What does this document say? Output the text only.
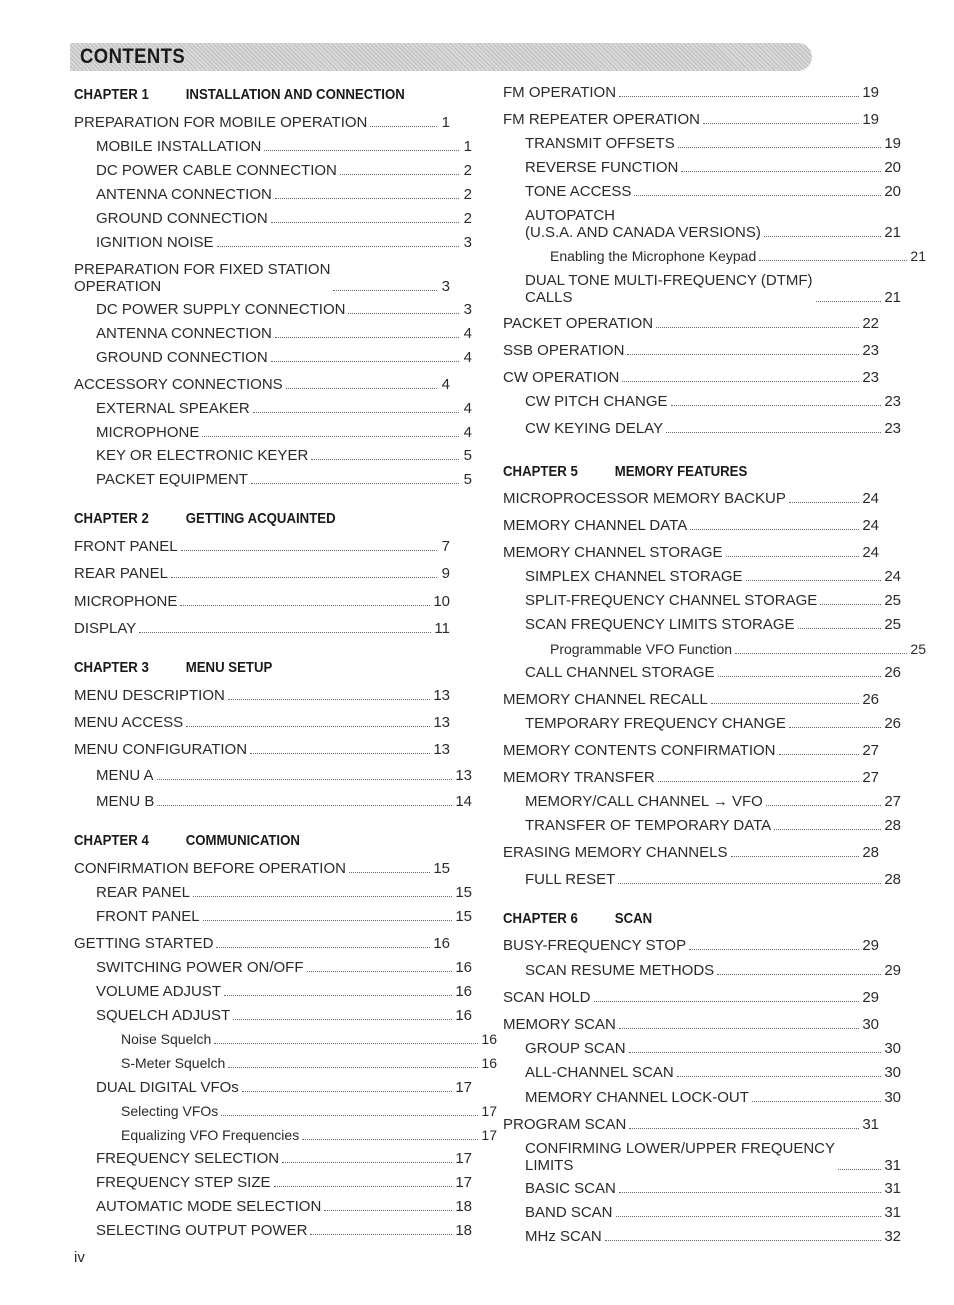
CONTENTS
CHAPTER 1	INSTALLATION AND CONNECTION
PREPARATION FOR MOBILE OPERATION	1
MOBILE INSTALLATION	1
DC POWER CABLE CONNECTION	2
ANTENNA CONNECTION	2
GROUND CONNECTION	2
IGNITION NOISE	3
PREPARATION FOR FIXED STATION
OPERATION	3
DC POWER SUPPLY CONNECTION	3
ANTENNA CONNECTION	4
GROUND CONNECTION	4
ACCESSORY CONNECTIONS	4
EXTERNAL SPEAKER	4
MICROPHONE	4
KEY OR ELECTRONIC KEYER	5
PACKET EQUIPMENT	5
CHAPTER 2	GETTING ACQUAINTED
FRONT PANEL	7
REAR PANEL	9
MICROPHONE	10
DISPLAY	11
CHAPTER 3	MENU SETUP
MENU DESCRIPTION	13
MENU ACCESS	13
MENU CONFIGURATION	13
MENU A	13
MENU B	14
CHAPTER 4	COMMUNICATION
CONFIRMATION BEFORE OPERATION	15
REAR PANEL	15
FRONT PANEL	15
GETTING STARTED	16
SWITCHING POWER ON/OFF	16
VOLUME ADJUST	16
SQUELCH ADJUST	16
Noise Squelch	16
S-Meter Squelch	16
DUAL DIGITAL VFOs	17
Selecting VFOs	17
Equalizing VFO Frequencies	17
FREQUENCY SELECTION	17
FREQUENCY STEP SIZE	17
AUTOMATIC MODE SELECTION	18
SELECTING OUTPUT POWER	18
FM OPERATION	19
FM REPEATER OPERATION	19
TRANSMIT OFFSETS	19
REVERSE FUNCTION	20
TONE ACCESS	20
AUTOPATCH
(U.S.A. AND CANADA VERSIONS)	21
Enabling the Microphone Keypad	21
DUAL TONE MULTI-FREQUENCY (DTMF)
CALLS	21
PACKET OPERATION	22
SSB OPERATION	23
CW OPERATION	23
CW PITCH CHANGE	23
CW KEYING DELAY	23
CHAPTER 5	MEMORY FEATURES
MICROPROCESSOR MEMORY BACKUP	24
MEMORY CHANNEL DATA	24
MEMORY CHANNEL STORAGE	24
SIMPLEX CHANNEL STORAGE	24
SPLIT-FREQUENCY CHANNEL STORAGE	25
SCAN FREQUENCY LIMITS STORAGE	25
Programmable VFO Function	25
CALL CHANNEL STORAGE	26
MEMORY CHANNEL RECALL	26
TEMPORARY FREQUENCY CHANGE	26
MEMORY CONTENTS CONFIRMATION	27
MEMORY TRANSFER	27
MEMORY/CALL CHANNEL → VFO	27
TRANSFER OF TEMPORARY DATA	28
ERASING MEMORY CHANNELS	28
FULL RESET	28
CHAPTER 6	SCAN
BUSY-FREQUENCY STOP	29
SCAN RESUME METHODS	29
SCAN HOLD	29
MEMORY SCAN	30
GROUP SCAN	30
ALL-CHANNEL SCAN	30
MEMORY CHANNEL LOCK-OUT	30
PROGRAM SCAN	31
CONFIRMING LOWER/UPPER FREQUENCY
LIMITS	31
BASIC SCAN	31
BAND SCAN	31
MHz SCAN	32
iv
